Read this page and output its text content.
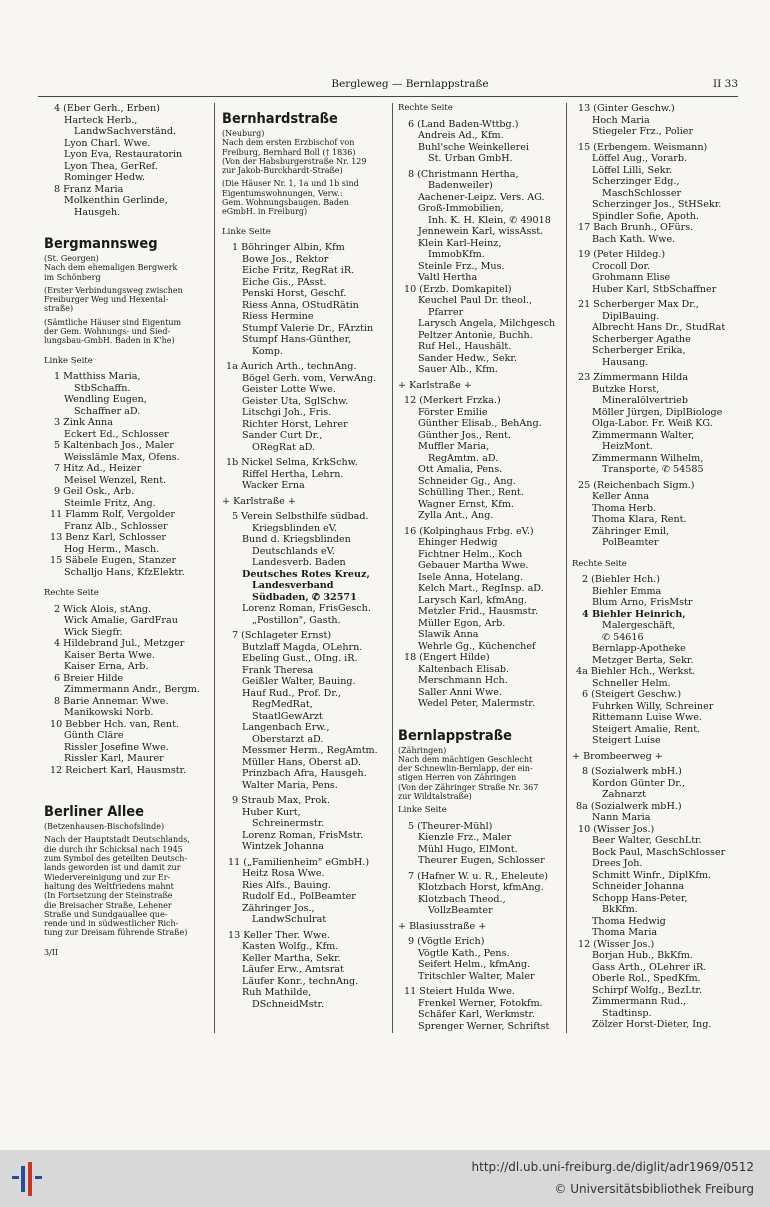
Bergleweg — Bernlappstraße	II 33
4 (Eber Gerh., Erben)
Harteck Herb.,
LandwSachverständ.
Lyon Charl. Wwe.
Lyon Eva, Restauratorin
Lyon Thea, GerRef.
Rominger Hedw.
8 Franz Maria
Molkenthin Gerlinde,
Hausgeh.
Bergmannsweg
(St. Georgen)
Nach dem ehemaligen Bergwerk
im Schönberg
(Erster Verbindungsweg zwischen
Freiburger Weg und Hexental-
straße)
(Sämtliche Häuser sind Eigentum
der Gem. Wohnungs- und Sied-
lungsbau-GmbH. Baden in K'he)
Linke Seite
1 Matthiss Maria,
StbSchaffn.
Wendling Eugen,
Schaffner aD.
3 Zink Anna
Eckert Ed., Schlosser
5 Kaltenbach Jos., Maler
Weisslämle Max, Ofens.
7 Hitz Ad., Heizer
Meisel Wenzel, Rent.
9 Geil Osk., Arb.
Steimle Fritz, Ang.
11 Flamm Rolf, Vergolder
Franz Alb., Schlosser
13 Benz Karl, Schlosser
Hog Herm., Masch.
15 Säbele Eugen, Stanzer
Schalljo Hans, KfzElektr.
Rechte Seite
2 Wick Alois, stAng.
Wick Amalie, GardFrau
Wick Siegfr.
4 Hildebrand Jul., Metzger
Kaiser Berta Wwe.
Kaiser Erna, Arb.
6 Breier Hilde
Zimmermann Andr., Bergm.
8 Barie Annemar. Wwe.
Manikowski Norb.
10 Bebber Hch. van, Rent.
Günth Cläre
Rissler Josefine Wwe.
Rissler Karl, Maurer
12 Reichert Karl, Hausmstr.
Berliner Allee
(Betzenhausen-Bischofslinde)
Nach der Hauptstadt Deutschlands,
die durch ihr Schicksal nach 1945
zum Symbol des geteilten Deutsch-
lands geworden ist und damit zur
Wiedervereinigung und zur Er-
haltung des Weltfriedens mahnt
(In Fortsetzung der Steinstraße
die Breisacher Straße, Lehener
Straße und Sundgauallee que-
rende und in südwestlicher Rich-
tung zur Dreisam führende Straße)
3/II
Bernhardstraße
(Neuburg)
Nach dem ersten Erzbischof von
Freiburg, Bernhard Boll († 1836)
(Von der Habsburgerstraße Nr. 129
zur Jakob-Burckhardt-Straße)
(Die Häuser Nr. 1, 1a und 1b sind
Eigentumswohnungen, Verw.:
Gem. Wohnungsbaugen. Baden
eGmbH. in Freiburg)
Linke Seite
1 Böhringer Albin, Kfm
Bowe Jos., Rektor
Eiche Fritz, RegRat iR.
Eiche Gis., PAsst.
Penski Horst, Geschf.
Riess Anna, OStudRätin
Riess Hermine
Stumpf Valerie Dr., FÄrztin
Stumpf Hans-Günther,
Komp.
1a Aurich Arth., technAng.
Bögel Gerh. vom, VerwAng.
Geister Lotte Wwe.
Geister Uta, SglSchw.
Litschgi Joh., Fris.
Richter Horst, Lehrer
Sander Curt Dr.,
ORegRat aD.
1b Nickel Selma, KrkSchw.
Riffel Hertha, Lehrn.
Wacker Erna
+ Karlstraße +
5 Verein Selbsthilfe südbad.
Kriegsblinden eV.
Bund d. Kriegsblinden
Deutschlands eV.
Landesverb. Baden
Deutsches Rotes Kreuz,
Landesverband
Südbaden, ✆ 32571
Lorenz Roman, FrisGesch.
„Postillon", Gasth.
7 (Schlageter Ernst)
Butzlaff Magda, OLehrn.
Ebeling Gust., OIng. iR.
Frank Theresa
Geißler Walter, Bauing.
Hauf Rud., Prof. Dr.,
RegMedRat,
StaatlGewArzt
Langenbach Erw.,
Oberstarzt aD.
Messmer Herm., RegAmtm.
Müller Hans, Oberst aD.
Prinzbach Afra, Hausgeh.
Walter Maria, Pens.
9 Straub Max, Prok.
Huber Kurt,
Schreinermstr.
Lorenz Roman, FrisMstr.
Wintzek Johanna
11 („Familienheim" eGmbH.)
Heitz Rosa Wwe.
Ries Alfs., Bauing.
Rudolf Ed., PolBeamter
Zähringer Jos.,
LandwSchulrat
13 Keller Ther. Wwe.
Kasten Wolfg., Kfm.
Keller Martha, Sekr.
Läufer Erw., Amtsrat
Läufer Konr., technAng.
Ruh Mathilde,
DSchneidMstr.
Rechte Seite
6 (Land Baden-Wttbg.)
Andreis Ad., Kfm.
Buhl'sche Weinkellerei
St. Urban GmbH.
8 (Christmann Hertha,
Badenweiler)
Aachener-Leipz. Vers. AG.
Groß-Immobilien,
Inh. K. H. Klein, ✆ 49018
Jennewein Karl, wissAsst.
Klein Karl-Heinz,
ImmobKfm.
Steinle Frz., Mus.
Valtl Hertha
10 (Erzb. Domkapitel)
Keuchel Paul Dr. theol.,
Pfarrer
Larysch Angela, Milchgesch
Peltzer Antonie, Buchh.
Ruf Hel., Haushält.
Sander Hedw., Sekr.
Sauer Alb., Kfm.
+ Karlstraße +
12 (Merkert Frzka.)
Förster Emilie
Günther Elisab., BehAng.
Günther Jos., Rent.
Muffler Maria,
RegAmtm. aD.
Ott Amalia, Pens.
Schneider Gg., Ang.
Schülling Ther., Rent.
Wagner Ernst, Kfm.
Zylla Ant., Ang.
16 (Kolpinghaus Frbg. eV.)
Ehinger Hedwig
Fichtner Helm., Koch
Gebauer Martha Wwe.
Isele Anna, Hotelang.
Kelch Mart., RegInsp. aD.
Larysch Karl, kfmAng.
Metzler Frid., Hausmstr.
Müller Egon, Arb.
Slawik Anna
Wehrle Gg., Küchenchef
18 (Engert Hilde)
Kaltenbach Elisab.
Merschmann Hch.
Saller Anni Wwe.
Wedel Peter, Malermstr.
Bernlappstraße
(Zähringen)
Nach dem mächtigen Geschlecht
der Schnewlin-Bernlapp, der ein-
stigen Herren von Zähringen
(Von der Zähringer Straße Nr. 367
zur Wildtalstraße)
Linke Seite
5 (Theurer-Mühl)
Kienzle Frz., Maler
Mühl Hugo, ElMont.
Theurer Eugen, Schlosser
7 (Hafner W. u. R., Eheleute)
Klotzbach Horst, kfmAng.
Klotzbach Theod.,
VollzBeamter
+ Blasiusstraße +
9 (Vögtle Erich)
Vögtle Kath., Pens.
Seifert Helm., kfmAng.
Tritschler Walter, Maler
11 Steiert Hulda Wwe.
Frenkel Werner, Fotokfm.
Schäfer Karl, Werkmstr.
Sprenger Werner, Schriftst
13 (Ginter Geschw.)
Hoch Maria
Stiegeler Frz., Polier
15 (Erbengem. Weismann)
Löffel Aug., Vorarb.
Löffel Lilli, Sekr.
Scherzinger Edg.,
MaschSchlosser
Scherzinger Jos., StHSekr.
Spindler Sofie, Apoth.
17 Bach Brunh., OFürs.
Bach Kath. Wwe.
19 (Peter Hildeg.)
Crocoll Dor.
Grohmann Elise
Huber Karl, StbSchaffner
21 Scherberger Max Dr.,
DiplBauing.
Albrecht Hans Dr., StudRat
Scherberger Agathe
Scherberger Erika,
Hausang.
23 Zimmermann Hilda
Butzke Horst,
Mineralölvertrieb
Möller Jürgen, DiplBiologe
Olga-Labor. Fr. Weiß KG.
Zimmermann Walter,
HeizMont.
Zimmermann Wilhelm,
Transporte, ✆ 54585
25 (Reichenbach Sigm.)
Keller Anna
Thoma Herb.
Thoma Klara, Rent.
Zähringer Emil,
PolBeamter
Rechte Seite
2 (Biehler Hch.)
Biehler Emma
Blum Arno, FrisMstr
4 Biehler Heinrich,
Malergeschäft,
✆ 54616
Bernlapp-Apotheke
Metzger Berta, Sekr.
4a Biehler Hch., Werkst.
Schneller Helm.
6 (Steigert Geschw.)
Fuhrken Willy, Schreiner
Rittemann Luise Wwe.
Steigert Amalie, Rent.
Steigert Luise
+ Brombeerweg +
8 (Sozialwerk mbH.)
Kordon Günter Dr.,
Zahnarzt
8a (Sozialwerk mbH.)
Nann Maria
10 (Wisser Jos.)
Beer Walter, GeschLtr.
Bock Paul, MaschSchlosser
Drees Joh.
Schmitt Winfr., DiplKfm.
Schneider Johanna
Schopp Hans-Peter,
BkKfm.
Thoma Hedwig
Thoma Maria
12 (Wisser Jos.)
Borjan Hub., BkKfm.
Gass Arth., OLehrer iR.
Oberle Rol., SpedKfm.
Schirpf Wolfg., BezLtr.
Zimmermann Rud.,
Stadtinsp.
Zölzer Horst-Dieter, Ing.
http://dl.ub.uni-freiburg.de/diglit/adr1969/0512
© Universitätsbibliothek Freiburg
